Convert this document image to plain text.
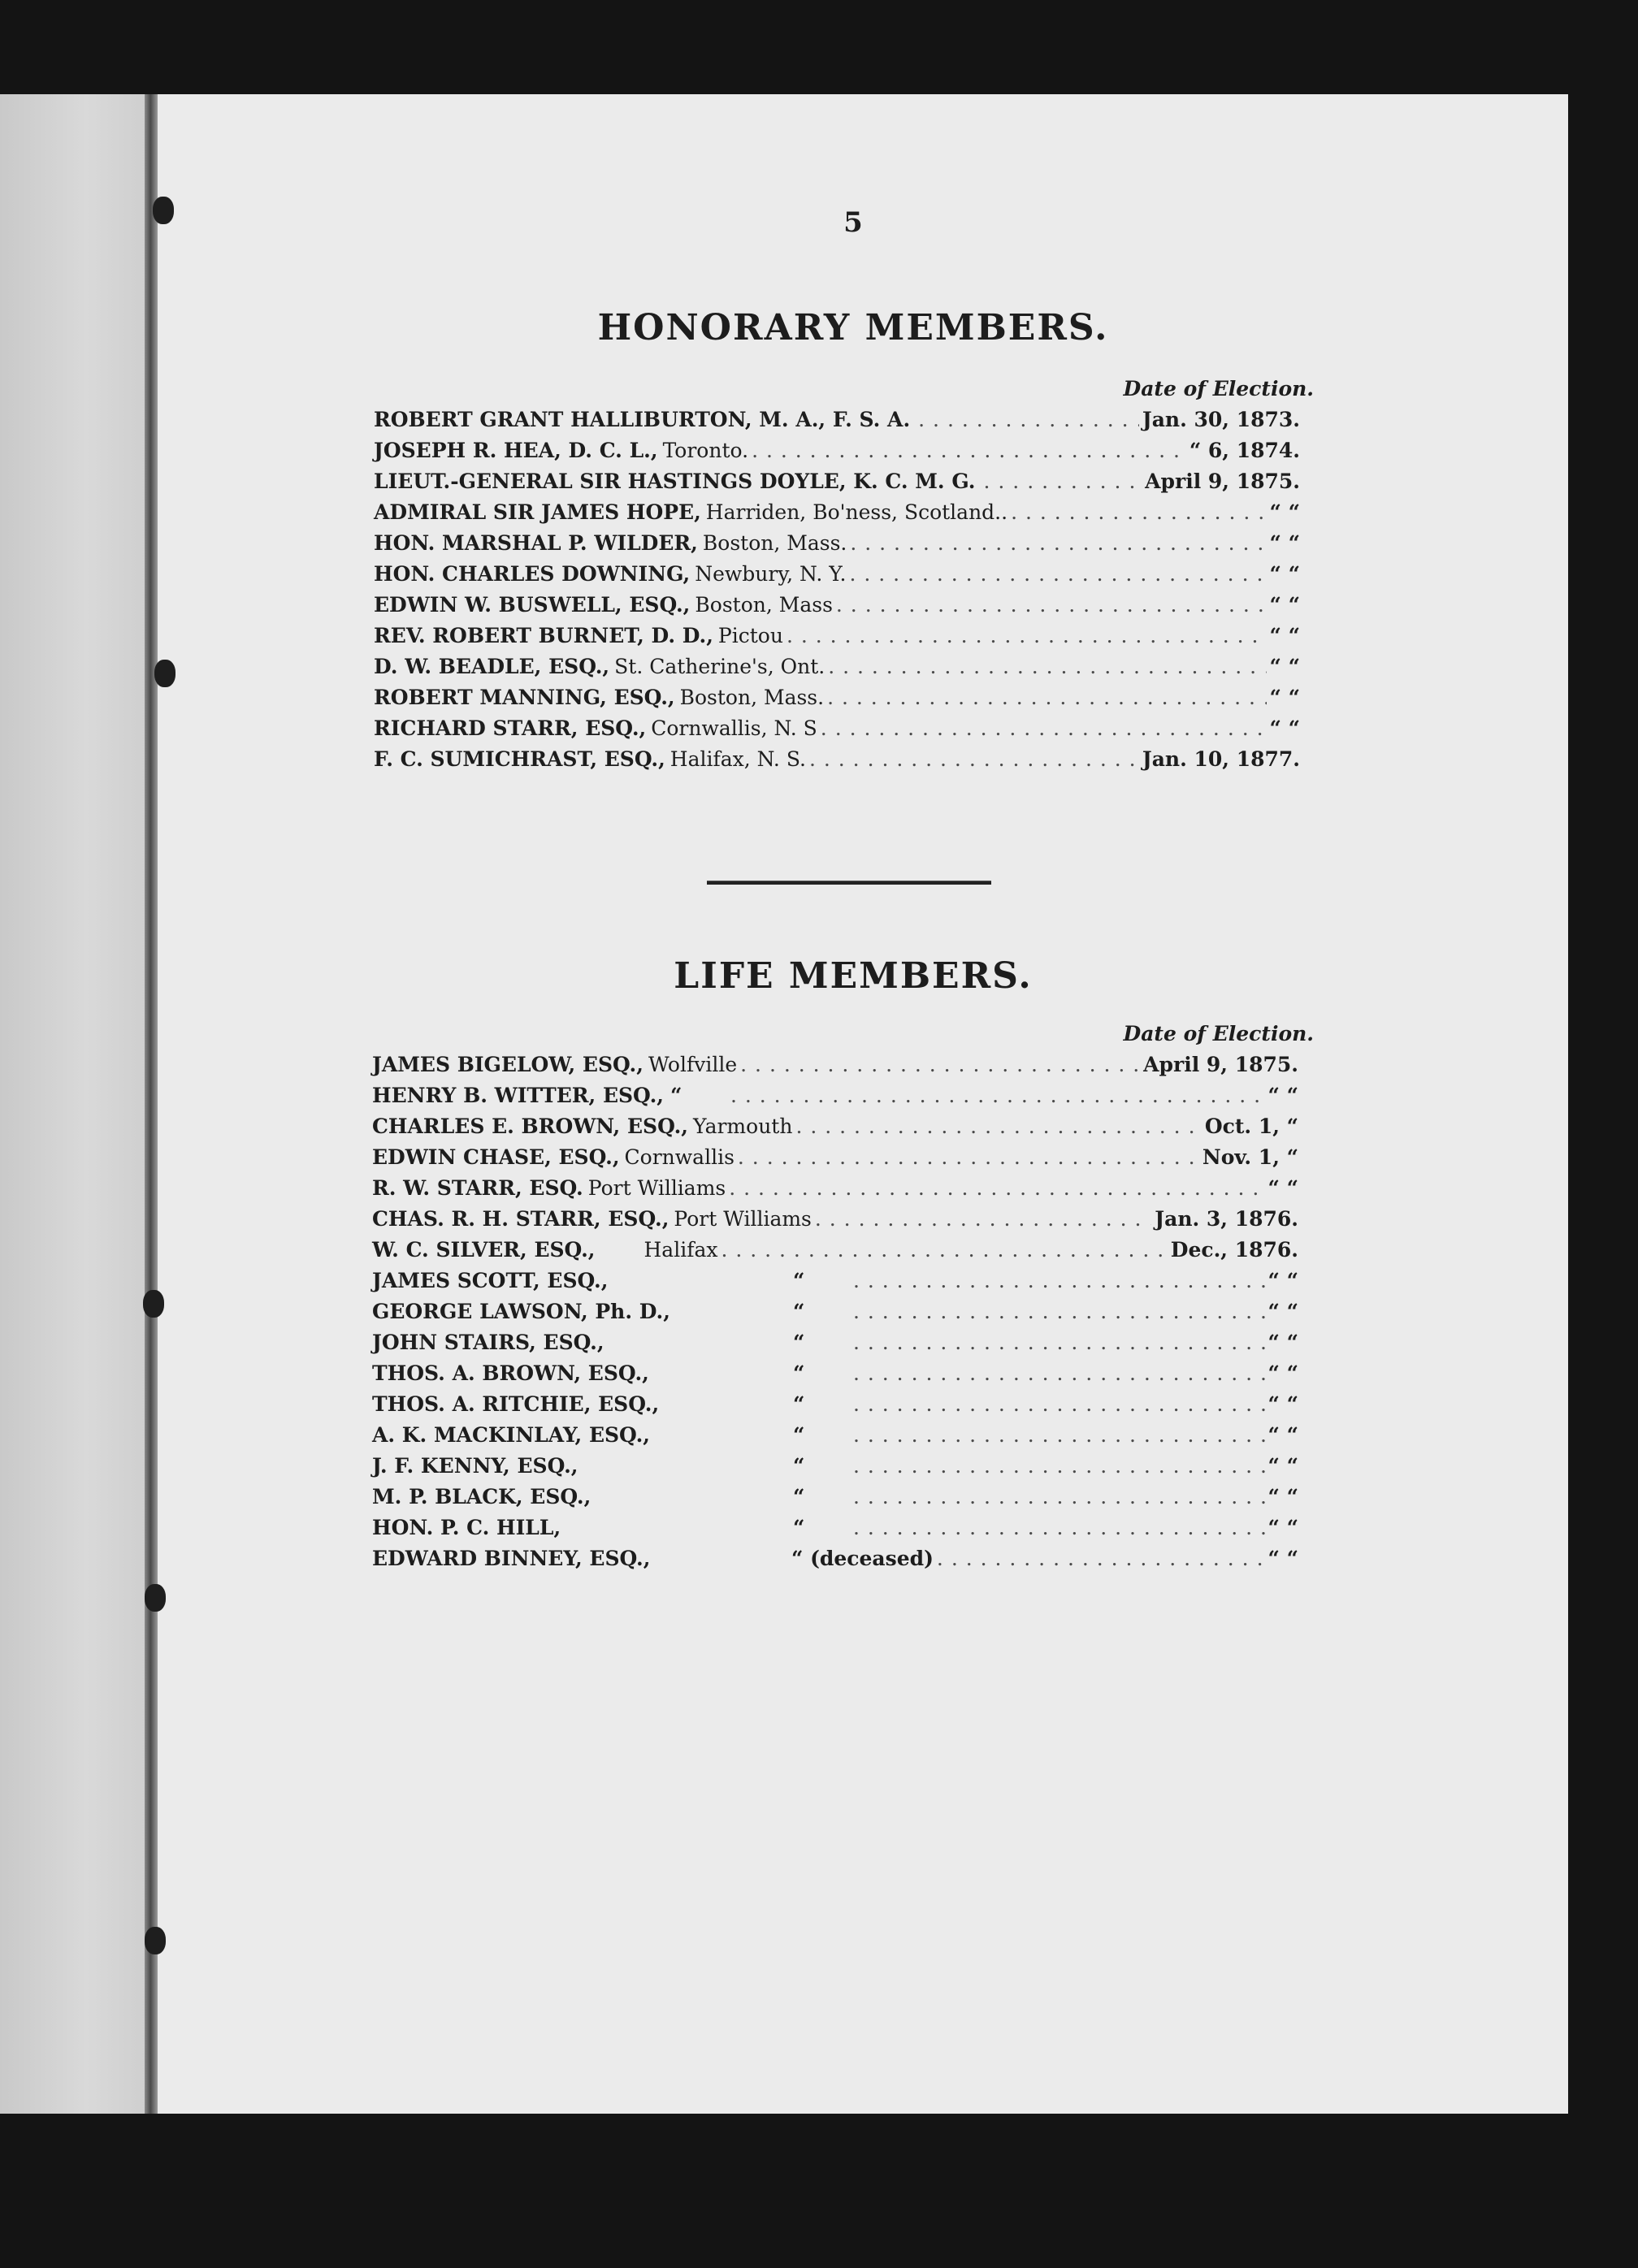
5
HONORARY MEMBERS.
Date of Election.
ROBERT GRANT HALLIBURTON, M. A., F. S. A. . . .	Jan. 30, 1873.
JOSEPH R. HEA, D. C. L., Toronto. . . .	“ 6, 1874.
LIEUT.-GENERAL SIR HASTINGS DOYLE, K. C. M. G. . . .	April 9, 1875.
ADMIRAL SIR JAMES HOPE, Harriden, Bo'ness, Scotland.. . . .	“ “
HON. MARSHAL P. WILDER, Boston, Mass. . . .	“ “
HON. CHARLES DOWNING, Newbury, N. Y. . . .	“ “
EDWIN W. BUSWELL, ESQ., Boston, Mass . . .	“ “
REV. ROBERT BURNET, D. D., Pictou . . .	“ “
D. W. BEADLE, ESQ., St. Catherine's, Ont. . . .	“ “
ROBERT MANNING, ESQ., Boston, Mass. . . .	“ “
RICHARD STARR, ESQ., Cornwallis, N. S . . .	“ “
F. C. SUMICHRAST, ESQ., Halifax, N. S. . . .	Jan. 10, 1877.
LIFE MEMBERS.
Date of Election.
JAMES BIGELOW, ESQ., Wolfville . . .	April 9, 1875.
HENRY B. WITTER, ESQ., “ . . .	“ “
CHARLES E. BROWN, ESQ., Yarmouth . . .	Oct. 1, “
EDWIN CHASE, ESQ., Cornwallis . . .	Nov. 1, “
R. W. STARR, ESQ. Port Williams . . .	“ “
CHAS. R. H. STARR, ESQ., Port Williams . . .	Jan. 3, 1876.
W. C. SILVER, ESQ., Halifax . . .	Dec., 1876.
JAMES SCOTT, ESQ.,	“ . . .	“ “
GEORGE LAWSON, Ph. D.,	“ . . .	“ “
JOHN STAIRS, ESQ.,	“ . . .	“ “
THOS. A. BROWN, ESQ.,	“ . . .	“ “
THOS. A. RITCHIE, ESQ.,	“ . . .	“ “
A. K. MACKINLAY, ESQ.,	“ . . .	“ “
J. F. KENNY, ESQ.,	“ . . .	“ “
M. P. BLACK, ESQ.,	“ . . .	“ “
HON. P. C. HILL,	“ . . .	“ “
EDWARD BINNEY, ESQ.,	“ (deceased) . . .	“ “
